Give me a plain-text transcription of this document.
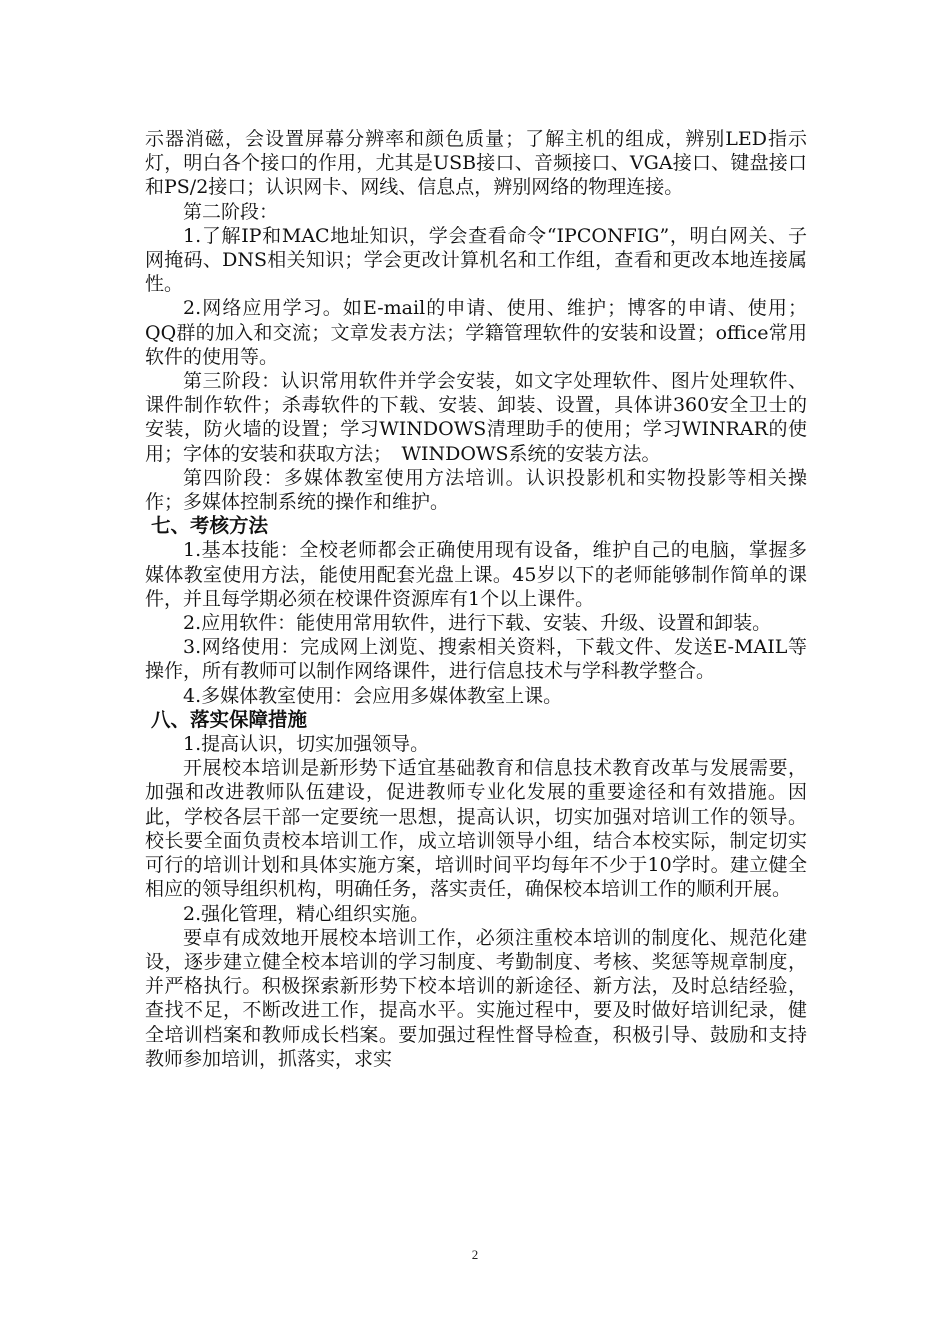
示器消磁，会设置屏幕分辨率和颜色质量；了解主机的组成，辨别LED指示灯，明白各个接口的作用，尤其是USB接口、音频接口、VGA接口、键盘接口和PS/2接口；认识网卡、网线、信息点，辨别网络的物理连接。

第二阶段：

1.了解IP和MAC地址知识，学会查看命令“IPCONFIG”，明白网关、子网掩码、DNS相关知识；学会更改计算机名和工作组，查看和更改本地连接属性。

2.网络应用学习。如E-mail的申请、使用、维护；博客的申请、使用；QQ群的加入和交流；文章发表方法；学籍管理软件的安装和设置；office常用软件的使用等。

第三阶段：认识常用软件并学会安装，如文字处理软件、图片处理软件、课件制作软件；杀毒软件的下载、安装、卸装、设置，具体讲360安全卫士的安装，防火墙的设置；学习WINDOWS清理助手的使用；学习WINRAR的使用；字体的安装和获取方法；　WINDOWS系统的安装方法。

第四阶段：多媒体教室使用方法培训。认识投影机和实物投影等相关操作；多媒体控制系统的操作和维护。

七、考核方法

1.基本技能：全校老师都会正确使用现有设备，维护自己的电脑，掌握多媒体教室使用方法，能使用配套光盘上课。45岁以下的老师能够制作简单的课件，并且每学期必须在校课件资源库有1个以上课件。

2.应用软件：能使用常用软件，进行下载、安装、升级、设置和卸装。

3.网络使用：完成网上浏览、搜索相关资料，下载文件、发送E-MAIL等操作，所有教师可以制作网络课件，进行信息技术与学科教学整合。

4.多媒体教室使用：会应用多媒体教室上课。

八、落实保障措施

1.提高认识，切实加强领导。

开展校本培训是新形势下适宜基础教育和信息技术教育改革与发展需要，加强和改进教师队伍建设，促进教师专业化发展的重要途径和有效措施。因此，学校各层干部一定要统一思想，提高认识，切实加强对培训工作的领导。校长要全面负责校本培训工作，成立培训领导小组，结合本校实际，制定切实可行的培训计划和具体实施方案，培训时间平均每年不少于10学时。建立健全相应的领导组织机构，明确任务，落实责任，确保校本培训工作的顺利开展。

2.强化管理，精心组织实施。

要卓有成效地开展校本培训工作，必须注重校本培训的制度化、规范化建设，逐步建立健全校本培训的学习制度、考勤制度、考核、奖惩等规章制度，并严格执行。积极探索新形势下校本培训的新途径、新方法，及时总结经验，查找不足，不断改进工作，提高水平。实施过程中，要及时做好培训纪录，健全培训档案和教师成长档案。要加强过程性督导检查，积极引导、鼓励和支持教师参加培训，抓落实，求实

2
